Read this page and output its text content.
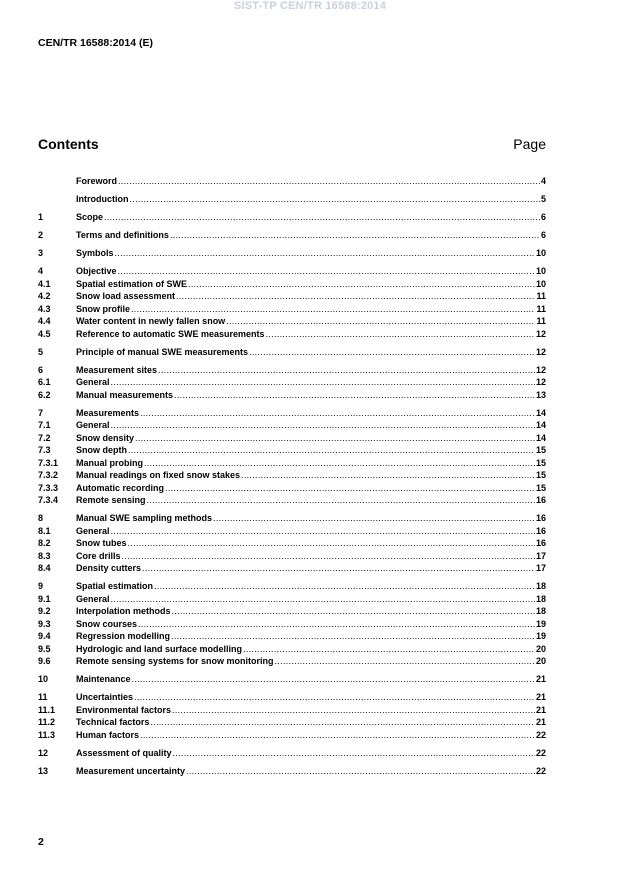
SIST-TP CEN/TR 16588:2014
CEN/TR 16588:2014 (E)
Contents	Page
Foreword .....	4
Introduction .....	5
1	Scope .....	6
2	Terms and definitions .....	6
3	Symbols .....	10
4	Objective .....	10
4.1	Spatial estimation of SWE .....	10
4.2	Snow load assessment .....	11
4.3	Snow profile .....	11
4.4	Water content in newly fallen snow .....	11
4.5	Reference to automatic SWE measurements .....	12
5	Principle of manual SWE measurements .....	12
6	Measurement sites .....	12
6.1	General .....	12
6.2	Manual measurements .....	13
7	Measurements .....	14
7.1	General .....	14
7.2	Snow density .....	14
7.3	Snow depth .....	15
7.3.1	Manual probing .....	15
7.3.2	Manual readings on fixed snow stakes .....	15
7.3.3	Automatic recording .....	15
7.3.4	Remote sensing .....	16
8	Manual SWE sampling methods .....	16
8.1	General .....	16
8.2	Snow tubes .....	16
8.3	Core drills .....	17
8.4	Density cutters .....	17
9	Spatial estimation .....	18
9.1	General .....	18
9.2	Interpolation methods .....	18
9.3	Snow courses .....	19
9.4	Regression modelling .....	19
9.5	Hydrologic and land surface modelling .....	20
9.6	Remote sensing systems for snow monitoring .....	20
10	Maintenance .....	21
11	Uncertainties .....	21
11.1	Environmental factors .....	21
11.2	Technical factors .....	21
11.3	Human factors .....	22
12	Assessment of quality .....	22
13	Measurement uncertainty .....	22
2
